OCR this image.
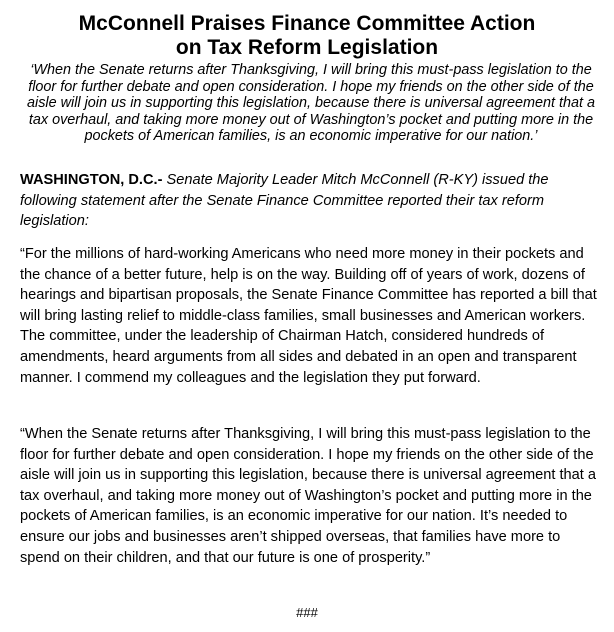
McConnell Praises Finance Committee Action
on Tax Reform Legislation

‘When the Senate returns after Thanksgiving, I will bring this must-pass legislation to the floor for further debate and open consideration. I hope my friends on the other side of the aisle will join us in supporting this legislation, because there is universal agreement that a tax overhaul, and taking more money out of Washington’s pocket and putting more in the pockets of American families, is an economic imperative for our nation.’

WASHINGTON, D.C.- Senate Majority Leader Mitch McConnell (R-KY) issued the following statement after the Senate Finance Committee reported their tax reform legislation:

“For the millions of hard-working Americans who need more money in their pockets and the chance of a better future, help is on the way. Building off of years of work, dozens of hearings and bipartisan proposals, the Senate Finance Committee has reported a bill that will bring lasting relief to middle-class families, small businesses and American workers. The committee, under the leadership of Chairman Hatch, considered hundreds of amendments, heard arguments from all sides and debated in an open and transparent manner. I commend my colleagues and the legislation they put forward.

“When the Senate returns after Thanksgiving, I will bring this must-pass legislation to the floor for further debate and open consideration. I hope my friends on the other side of the aisle will join us in supporting this legislation, because there is universal agreement that a tax overhaul, and taking more money out of Washington’s pocket and putting more in the pockets of American families, is an economic imperative for our nation. It’s needed to ensure our jobs and businesses aren’t shipped overseas, that families have more to spend on their children, and that our future is one of prosperity.”

###
